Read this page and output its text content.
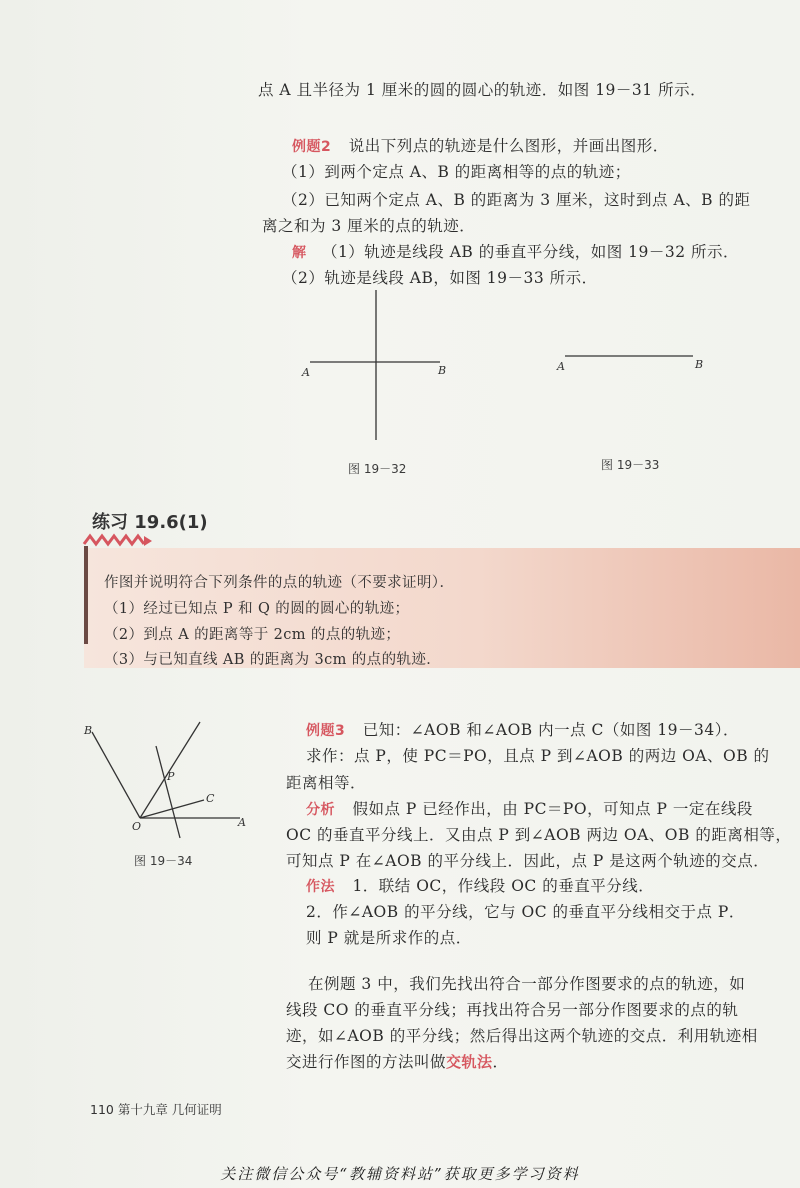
点 A 且半径为 1 厘米的圆的圆心的轨迹．如图 19－31 所示．
例题2 说出下列点的轨迹是什么图形，并画出图形．
（1）到两个定点 A、B 的距离相等的点的轨迹；
（2）已知两个定点 A、B 的距离为 3 厘米，这时到点 A、B 的距
离之和为 3 厘米的点的轨迹．
解 （1）轨迹是线段 AB 的垂直平分线，如图 19－32 所示．
（2）轨迹是线段 AB，如图 19－33 所示．
A	B
图 19－32
A	B
图 19－33
练习 19.6(1)
作图并说明符合下列条件的点的轨迹（不要求证明）．
（1）经过已知点 P 和 Q 的圆的圆心的轨迹；
（2）到点 A 的距离等于 2cm 的点的轨迹；
（3）与已知直线 AB 的距离为 3cm 的点的轨迹．
B
P
C
O	A
图 19－34
例题3 已知：∠AOB 和∠AOB 内一点 C（如图 19－34）．
求作：点 P，使 PC＝PO，且点 P 到∠AOB 的两边 OA、OB 的
距离相等．
分析 假如点 P 已经作出，由 PC＝PO，可知点 P 一定在线段
OC 的垂直平分线上．又由点 P 到∠AOB 两边 OA、OB 的距离相等，
可知点 P 在∠AOB 的平分线上．因此，点 P 是这两个轨迹的交点．
作法 1．联结 OC，作线段 OC 的垂直平分线．
2．作∠AOB 的平分线，它与 OC 的垂直平分线相交于点 P．
则 P 就是所求作的点．
在例题 3 中，我们先找出符合一部分作图要求的点的轨迹，如
线段 CO 的垂直平分线；再找出符合另一部分作图要求的点的轨
迹，如∠AOB 的平分线；然后得出这两个轨迹的交点．利用轨迹相
交进行作图的方法叫做交轨法．
110 第十九章 几何证明
关注微信公众号“教辅资料站”获取更多学习资料
